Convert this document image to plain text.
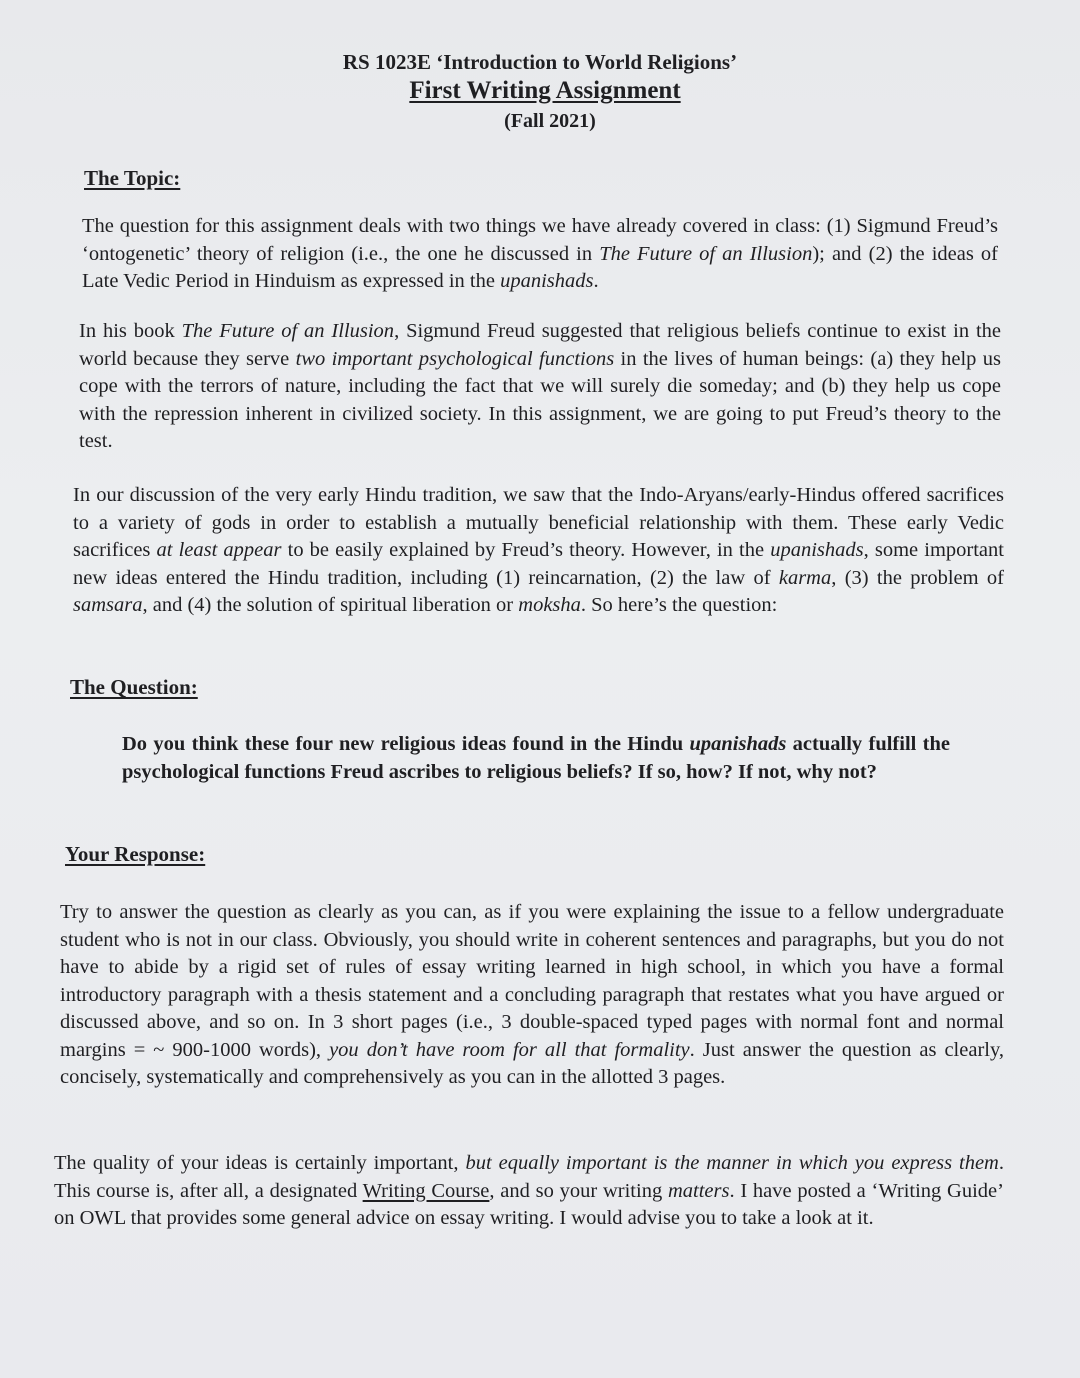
RS 1023E ‘Introduction to World Religions’
First Writing Assignment
(Fall 2021)
The Topic:

The question for this assignment deals with two things we have already covered in class: (1) Sigmund Freud’s ‘ontogenetic’ theory of religion (i.e., the one he discussed in The Future of an Illusion); and (2) the ideas of Late Vedic Period in Hinduism as expressed in the upanishads.

In his book The Future of an Illusion, Sigmund Freud suggested that religious beliefs continue to exist in the world because they serve two important psychological functions in the lives of human beings: (a) they help us cope with the terrors of nature, including the fact that we will surely die someday; and (b) they help us cope with the repression inherent in civilized society. In this assignment, we are going to put Freud’s theory to the test.

In our discussion of the very early Hindu tradition, we saw that the Indo-Aryans/early-Hindus offered sacrifices to a variety of gods in order to establish a mutually beneficial relationship with them. These early Vedic sacrifices at least appear to be easily explained by Freud’s theory. However, in the upanishads, some important new ideas entered the Hindu tradition, including (1) reincarnation, (2) the law of karma, (3) the problem of samsara, and (4) the solution of spiritual liberation or moksha. So here’s the question:

The Question:

Do you think these four new religious ideas found in the Hindu upanishads actually fulfill the psychological functions Freud ascribes to religious beliefs? If so, how? If not, why not?

Your Response:

Try to answer the question as clearly as you can, as if you were explaining the issue to a fellow undergraduate student who is not in our class. Obviously, you should write in coherent sentences and paragraphs, but you do not have to abide by a rigid set of rules of essay writing learned in high school, in which you have a formal introductory paragraph with a thesis statement and a concluding paragraph that restates what you have argued or discussed above, and so on. In 3 short pages (i.e., 3 double-spaced typed pages with normal font and normal margins = ~ 900-1000 words), you don’t have room for all that formality. Just answer the question as clearly, concisely, systematically and comprehensively as you can in the allotted 3 pages.

The quality of your ideas is certainly important, but equally important is the manner in which you express them. This course is, after all, a designated Writing Course, and so your writing matters. I have posted a ‘Writing Guide’ on OWL that provides some general advice on essay writing. I would advise you to take a look at it.
